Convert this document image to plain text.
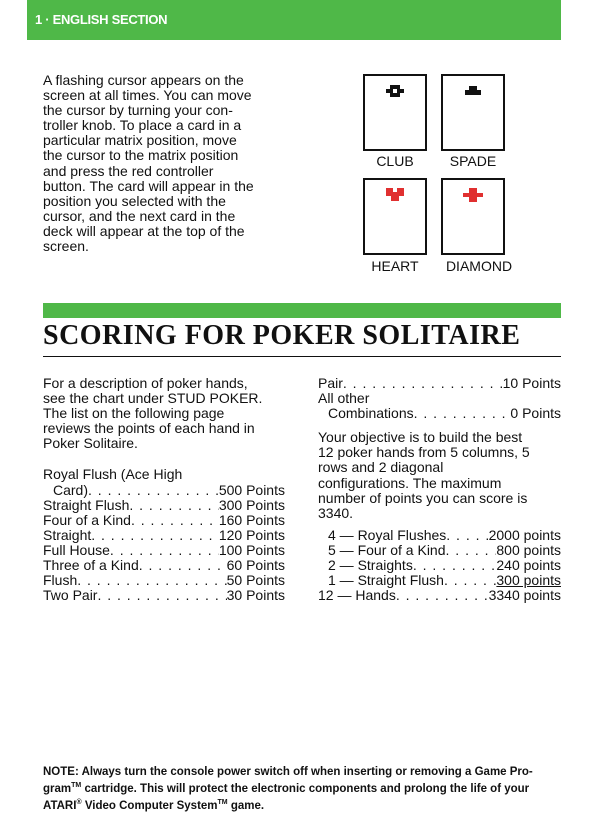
1 · ENGLISH SECTION
A flashing cursor appears on the
screen at all times. You can move
the cursor by turning your con-
troller knob. To place a card in a
particular matrix position, move
the cursor to the matrix position
and press the red controller
button. The card will appear in the
position you selected with the
cursor, and the next card in the
deck will appear at the top of the
screen.
CLUB	SPADE
HEART	DIAMOND
SCORING FOR POKER SOLITAIRE
For a description of poker hands,
see the chart under STUD POKER.
The list on the following page
reviews the points of each hand in
Poker Solitaire.
Royal Flush (Ace High
Card) . . .	500 Points
Straight Flush . . .	300 Points
Four of a Kind . . .	160 Points
Straight . . .	120 Points
Full House . . .	100 Points
Three of a Kind . . .	60 Points
Flush . . .	50 Points
Two Pair . . .	30 Points
Pair . . .	10 Points
All other
Combinations . . .	0 Points
Your objective is to build the best
12 poker hands from 5 columns, 5
rows and 2 diagonal
configurations. The maximum
number of points you can score is
3340.
4 — Royal Flushes . . .	2000 points
5 — Four of a Kind . . .	800 points
2 — Straights . . .	240 points
1 — Straight Flush . . .	300 points
12 — Hands . . .	3340 points
NOTE: Always turn the console power switch off when inserting or removing a Game Pro- gram™ cartridge. This will protect the electronic components and prolong the life of your ATARI® Video Computer System™ game.
